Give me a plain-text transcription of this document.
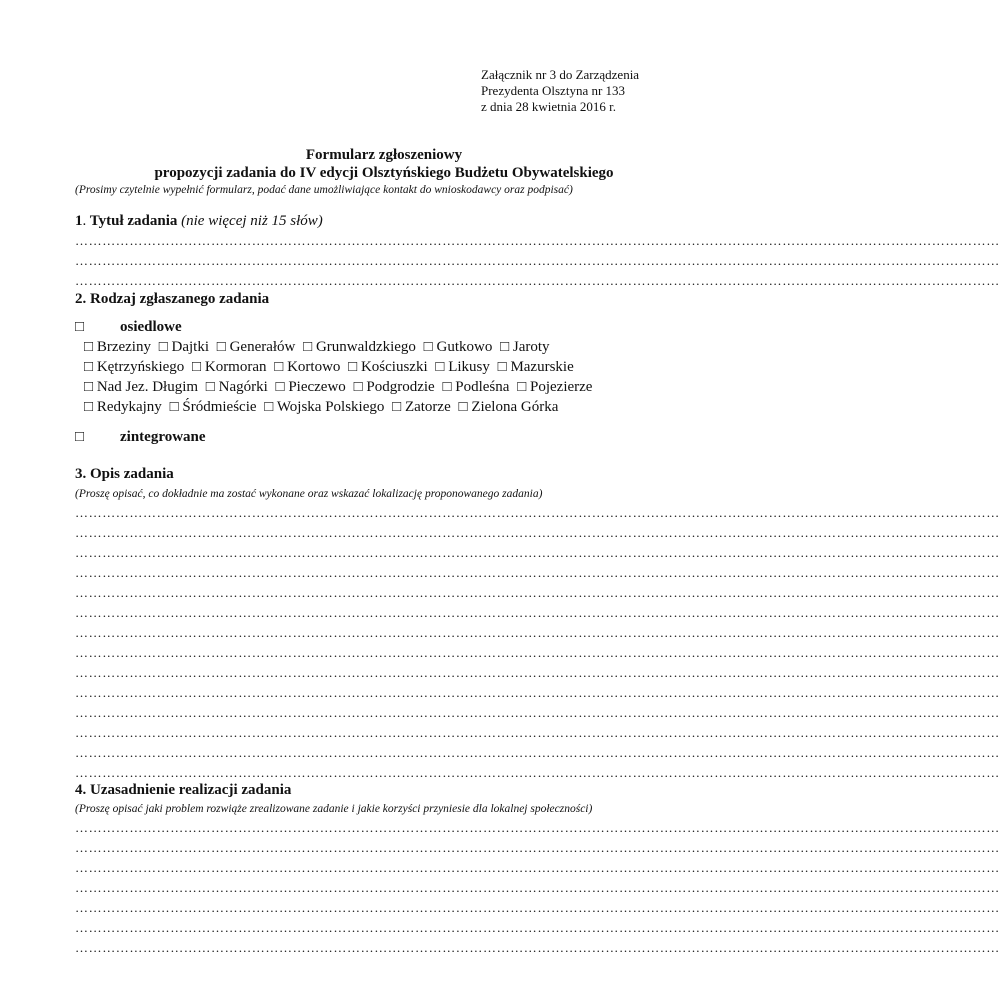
Załącznik nr 3 do Zarządzenia
Prezydenta Olsztyna nr 133
z dnia 28 kwietnia 2016 r.
Formularz zgłoszeniowy
propozycji zadania do IV edycji Olsztyńskiego Budżetu Obywatelskiego
(Prosimy czytelnie wypełnić formularz, podać dane umożliwiające kontakt do wnioskodawcy oraz podpisać)
1. Tytuł zadania (nie więcej niż 15 słów)
……………………………………………………………………………………………………………………………………………………………………………………
……………………………………………………………………………………………………………………………………………………………………………………
……………………………………………………………………………………………………………………………………………………………………………………
2. Rodzaj zgłaszanego zadania
□ osiedlowe
□ Brzeziny □ Dajtki □ Generałów □ Grunwaldzkiego □ Gutkowo □ Jaroty
□ Kętrzyńskiego □ Kormoran □ Kortowo □ Kościuszki □ Likusy □ Mazurskie
□ Nad Jez. Długim □ Nagórki □ Pieczewo □ Podgrodzie □ Podleśna □ Pojezierze
□ Redykajny □ Śródmieście □ Wojska Polskiego □ Zatorze □ Zielona Górka
□ zintegrowane
3. Opis zadania
(Proszę opisać, co dokładnie ma zostać wykonane oraz wskazać lokalizację proponowanego zadania)
……………………………………………………………………………………………………………………………………………………………………………………
……………………………………………………………………………………………………………………………………………………………………………………
……………………………………………………………………………………………………………………………………………………………………………………
……………………………………………………………………………………………………………………………………………………………………………………
……………………………………………………………………………………………………………………………………………………………………………………
……………………………………………………………………………………………………………………………………………………………………………………
……………………………………………………………………………………………………………………………………………………………………………………
……………………………………………………………………………………………………………………………………………………………………………………
……………………………………………………………………………………………………………………………………………………………………………………
……………………………………………………………………………………………………………………………………………………………………………………
……………………………………………………………………………………………………………………………………………………………………………………
……………………………………………………………………………………………………………………………………………………………………………………
……………………………………………………………………………………………………………………………………………………………………………………
……………………………………………………………………………………………………………………………………………………………………………………
4. Uzasadnienie realizacji zadania
(Proszę opisać jaki problem rozwiąże zrealizowane zadanie i jakie korzyści przyniesie dla lokalnej społeczności)
……………………………………………………………………………………………………………………………………………………………………………………
……………………………………………………………………………………………………………………………………………………………………………………
……………………………………………………………………………………………………………………………………………………………………………………
……………………………………………………………………………………………………………………………………………………………………………………
……………………………………………………………………………………………………………………………………………………………………………………
……………………………………………………………………………………………………………………………………………………………………………………
……………………………………………………………………………………………………………………………………………………………………………………
